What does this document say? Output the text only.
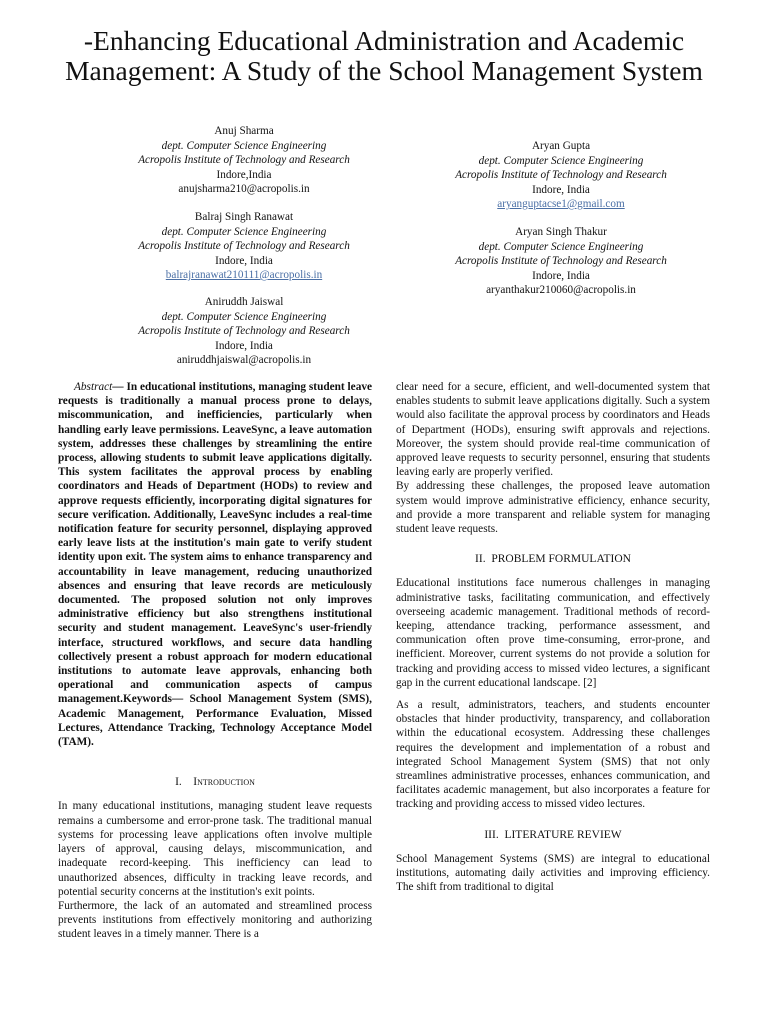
-Enhancing Educational Administration and Academic Management: A Study of the School Management System
Anuj Sharma
dept. Computer Science Engineering
Acropolis Institute of Technology and Research
Indore,India
anujsharma210@acropolis.in
Balraj Singh Ranawat
dept. Computer Science Engineering
Acropolis Institute of Technology and Research
Indore, India
balrajranawat210111@acropolis.in
Aniruddh Jaiswal
dept. Computer Science Engineering
Acropolis Institute of Technology and Research
Indore, India
aniruddhjaiswal@acropolis.in
Aryan Gupta
dept. Computer Science Engineering
Acropolis Institute of Technology and Research
Indore, India
aryanguptacse1@gmail.com
Aryan Singh Thakur
dept. Computer Science Engineering
Acropolis Institute of Technology and Research
Indore, India
aryanthakur210060@acropolis.in

Abstract— In educational institutions, managing student leave requests is traditionally a manual process prone to delays, miscommunication, and inefficiencies, particularly when handling early leave permissions. LeaveSync, a leave automation system, addresses these challenges by streamlining the entire process, allowing students to submit leave applications digitally. This system facilitates the approval process by enabling coordinators and Heads of Department (HODs) to review and approve requests efficiently, incorporating digital signatures for secure verification. Additionally, LeaveSync includes a real-time notification feature for security personnel, displaying approved early leave lists at the institution's main gate to verify student identity upon exit. The system aims to enhance transparency and accountability in leave management, reducing unauthorized absences and ensuring that leave records are meticulously documented. The proposed solution not only improves administrative efficiency but also strengthens institutional security and student management. LeaveSync's user-friendly interface, structured workflows, and secure data handling collectively present a robust approach for modern educational institutions to automate leave approvals, enhancing both operational and communication aspects of campus management.Keywords— School Management System (SMS), Academic Management, Performance Evaluation, Missed Lectures, Attendance Tracking, Technology Acceptance Model (TAM).

I. Introduction

In many educational institutions, managing student leave requests remains a cumbersome and error-prone task. The traditional manual systems for processing leave applications often involve multiple layers of approval, causing delays, miscommunication, and inadequate record-keeping. This inefficiency can lead to unauthorized absences, difficulty in tracking leave records, and potential security concerns at the institution's exit points.

Furthermore, the lack of an automated and streamlined process prevents institutions from effectively monitoring and authorizing student leaves in a timely manner. There is a

clear need for a secure, efficient, and well-documented system that enables students to submit leave applications digitally. Such a system would also facilitate the approval process by coordinators and Heads of Department (HODs), ensuring swift approvals and rejections. Moreover, the system should provide real-time communication of approved leave requests to security personnel, ensuring that students leaving early are properly verified.

By addressing these challenges, the proposed leave automation system would improve administrative efficiency, enhance security, and provide a more transparent and reliable system for managing student leave requests.

II. PROBLEM FORMULATION

Educational institutions face numerous challenges in managing administrative tasks, facilitating communication, and effectively overseeing academic management. Traditional methods of record-keeping, attendance tracking, performance assessment, and communication often prove time-consuming, error-prone, and inefficient. Moreover, current systems do not provide a solution for tracking and providing access to missed video lectures, a significant gap in the current educational landscape. [2]

As a result, administrators, teachers, and students encounter obstacles that hinder productivity, transparency, and collaboration within the educational ecosystem. Addressing these challenges requires the development and implementation of a robust and integrated School Management System (SMS) that not only streamlines administrative processes, enhances communication, and facilitates academic management, but also incorporates a feature for tracking and providing access to missed video lectures.

III. LITERATURE REVIEW

School Management Systems (SMS) are integral to educational institutions, automating daily activities and improving efficiency. The shift from traditional to digital
